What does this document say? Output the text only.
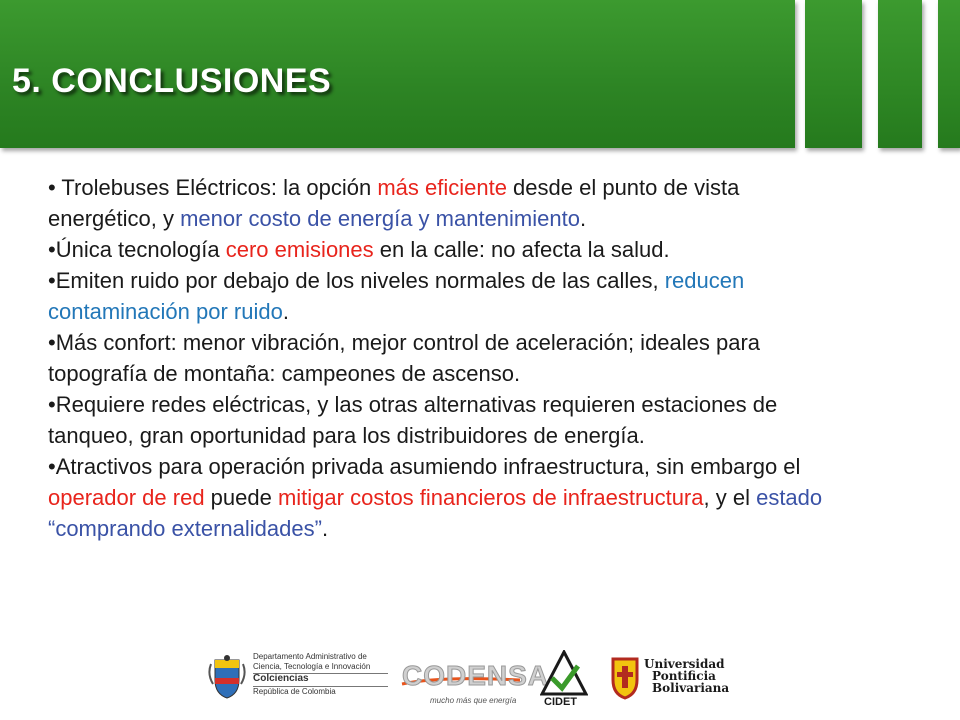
5. CONCLUSIONES

• Trolebuses Eléctricos: la opción más eficiente desde el punto de vista energético, y menor costo de energía y mantenimiento.

•Única tecnología cero emisiones en la calle: no afecta la salud.

•Emiten ruido por debajo de los niveles normales de las calles, reducen contaminación por ruido.

•Más confort: menor vibración, mejor control de aceleración; ideales para topografía de montaña: campeones de ascenso.

•Requiere redes eléctricas, y las otras alternativas requieren estaciones de tanqueo, gran oportunidad para los distribuidores de energía.

•Atractivos para operación privada asumiendo infraestructura, sin embargo el operador de red puede mitigar costos financieros de infraestructura, y el estado “comprando externalidades”.

Departamento Administrativo de
Ciencia, Tecnología e Innovación
Colciencias
República de Colombia
CODENSA
mucho más que energía	CIDET
Universidad
Pontificia
Bolivariana
